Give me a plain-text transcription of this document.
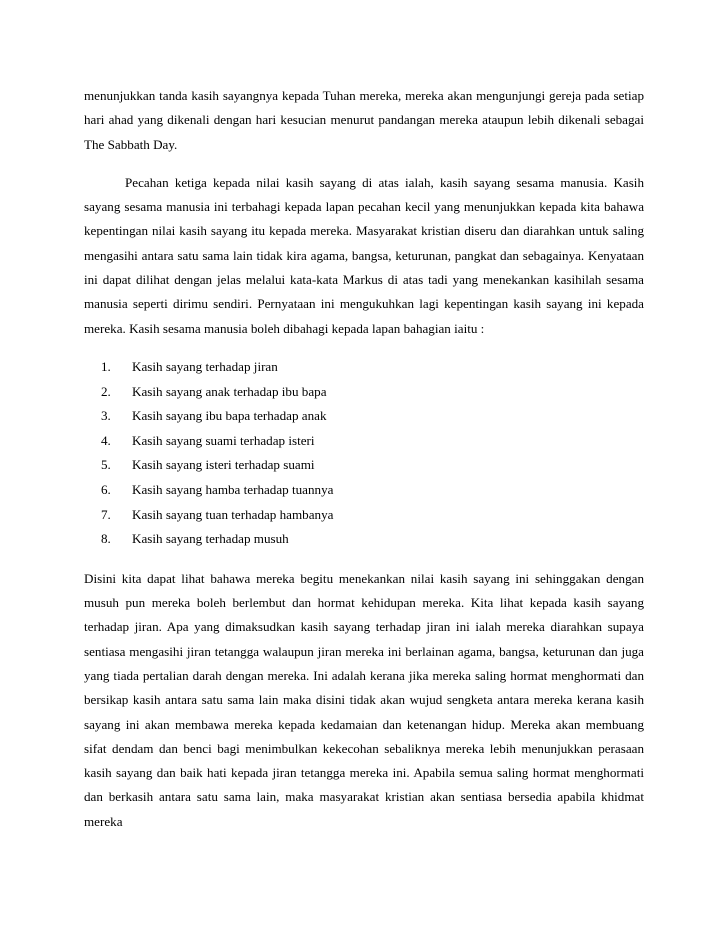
menunjukkan tanda kasih sayangnya kepada Tuhan mereka, mereka akan mengunjungi gereja pada setiap hari ahad yang dikenali dengan hari kesucian menurut pandangan mereka ataupun lebih dikenali sebagai The Sabbath Day.

Pecahan ketiga kepada nilai kasih sayang di atas ialah, kasih sayang sesama manusia. Kasih sayang sesama manusia ini terbahagi kepada lapan pecahan kecil yang menunjukkan kepada kita bahawa kepentingan nilai kasih sayang itu kepada mereka. Masyarakat kristian diseru dan diarahkan untuk saling mengasihi antara satu sama lain tidak kira agama, bangsa, keturunan, pangkat dan sebagainya. Kenyataan ini dapat dilihat dengan jelas melalui kata-kata Markus di atas tadi yang menekankan kasihilah sesama manusia seperti dirimu sendiri. Pernyataan ini mengukuhkan lagi kepentingan kasih sayang ini kepada mereka. Kasih sesama manusia boleh dibahagi kepada lapan bahagian iaitu :

1.	Kasih sayang terhadap jiran
2.	Kasih sayang anak terhadap ibu bapa
3.	Kasih sayang ibu bapa terhadap anak
4.	Kasih sayang suami terhadap isteri
5.	Kasih sayang isteri terhadap suami
6.	Kasih sayang hamba terhadap tuannya
7.	Kasih sayang tuan terhadap hambanya
8.	Kasih sayang terhadap musuh

Disini kita dapat lihat bahawa mereka begitu menekankan nilai kasih sayang ini sehinggakan dengan musuh pun mereka boleh berlembut dan hormat kehidupan mereka. Kita lihat kepada kasih sayang terhadap jiran. Apa yang dimaksudkan kasih sayang terhadap jiran ini ialah mereka diarahkan supaya sentiasa mengasihi jiran tetangga walaupun jiran mereka ini berlainan agama, bangsa, keturunan dan juga yang tiada pertalian darah dengan mereka. Ini adalah kerana jika mereka saling hormat menghormati dan bersikap kasih antara satu sama lain maka disini tidak akan wujud sengketa antara mereka kerana kasih sayang ini akan membawa mereka kepada kedamaian dan ketenangan hidup. Mereka akan membuang sifat dendam dan benci bagi menimbulkan kekecohan sebaliknya mereka lebih menunjukkan perasaan kasih sayang dan baik hati kepada jiran tetangga mereka ini. Apabila semua saling hormat menghormati dan berkasih antara satu sama lain, maka masyarakat kristian akan sentiasa bersedia apabila khidmat mereka
